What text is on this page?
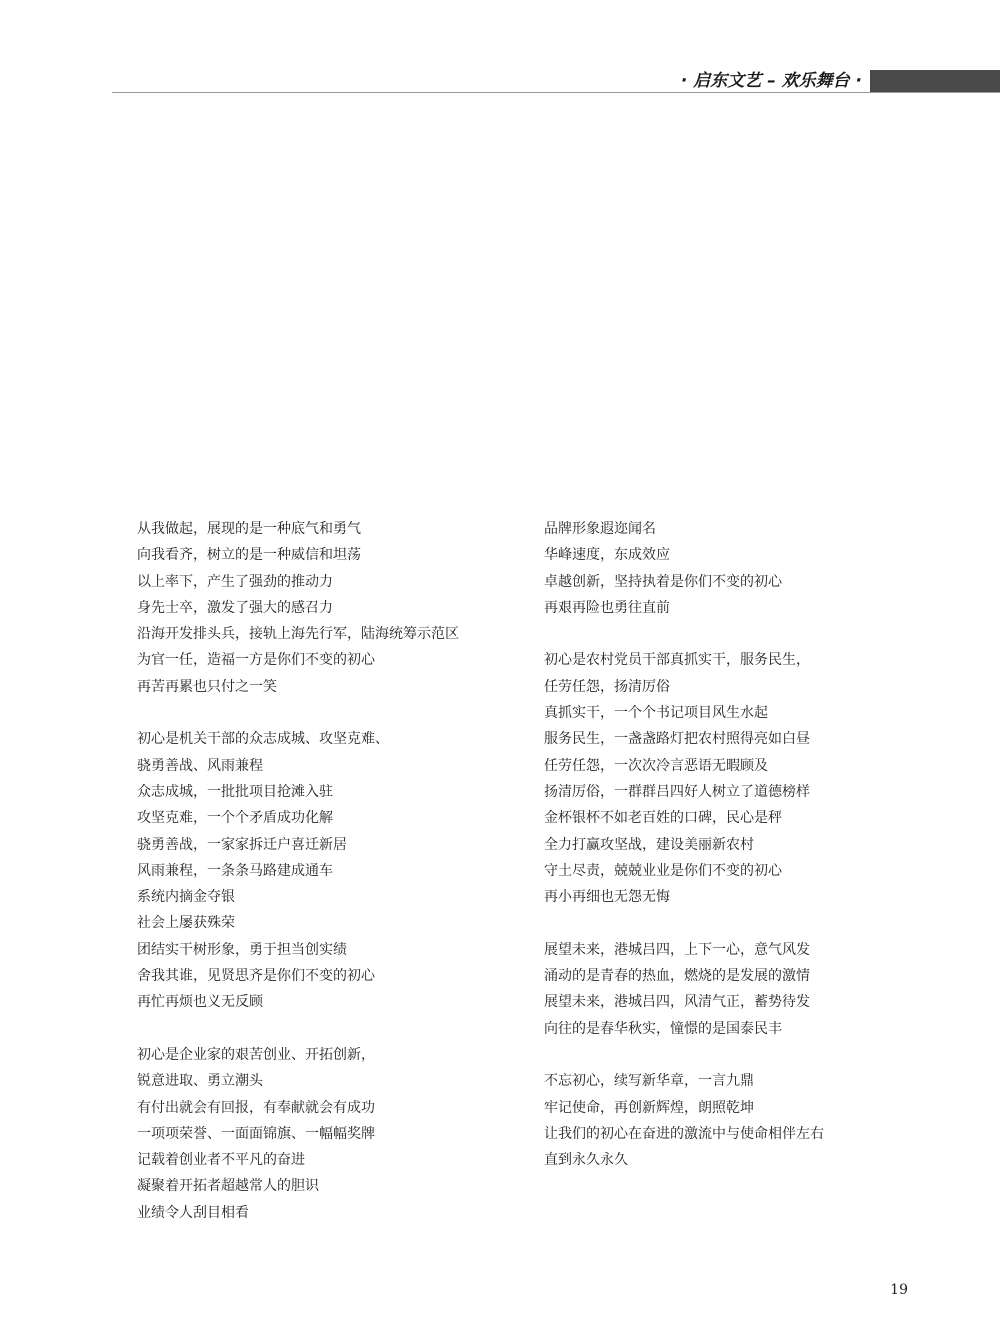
· 启东文艺 – 欢乐舞台 ·
从我做起，展现的是一种底气和勇气
向我看齐，树立的是一种威信和坦荡
以上率下，产生了强劲的推动力
身先士卒，激发了强大的感召力
沿海开发排头兵，接轨上海先行军，陆海统筹示范区
为官一任，造福一方是你们不变的初心
再苦再累也只付之一笑
初心是机关干部的众志成城、攻坚克难、
骁勇善战、风雨兼程
众志成城，一批批项目抢滩入驻
攻坚克难，一个个矛盾成功化解
骁勇善战，一家家拆迁户喜迁新居
风雨兼程，一条条马路建成通车
系统内摘金夺银
社会上屡获殊荣
团结实干树形象，勇于担当创实绩
舍我其谁，见贤思齐是你们不变的初心
再忙再烦也义无反顾
初心是企业家的艰苦创业、开拓创新，
锐意进取、勇立潮头
有付出就会有回报，有奉献就会有成功
一项项荣誉、一面面锦旗、一幅幅奖牌
记载着创业者不平凡的奋进
凝聚着开拓者超越常人的胆识
业绩令人刮目相看
品牌形象遐迩闻名
华峰速度，东成效应
卓越创新，坚持执着是你们不变的初心
再艰再险也勇往直前
初心是农村党员干部真抓实干，服务民生，
任劳任怨，扬清厉俗
真抓实干，一个个书记项目风生水起
服务民生，一盏盏路灯把农村照得亮如白昼
任劳任怨，一次次冷言恶语无暇顾及
扬清厉俗，一群群吕四好人树立了道德榜样
金杯银杯不如老百姓的口碑，民心是秤
全力打赢攻坚战，建设美丽新农村
守土尽责，兢兢业业是你们不变的初心
再小再细也无怨无悔
展望未来，港城吕四，上下一心，意气风发
涌动的是青春的热血，燃烧的是发展的激情
展望未来，港城吕四，风清气正，蓄势待发
向往的是春华秋实，憧憬的是国泰民丰
不忘初心，续写新华章，一言九鼎
牢记使命，再创新辉煌，朗照乾坤
让我们的初心在奋进的激流中与使命相伴左右
直到永久永久
19
